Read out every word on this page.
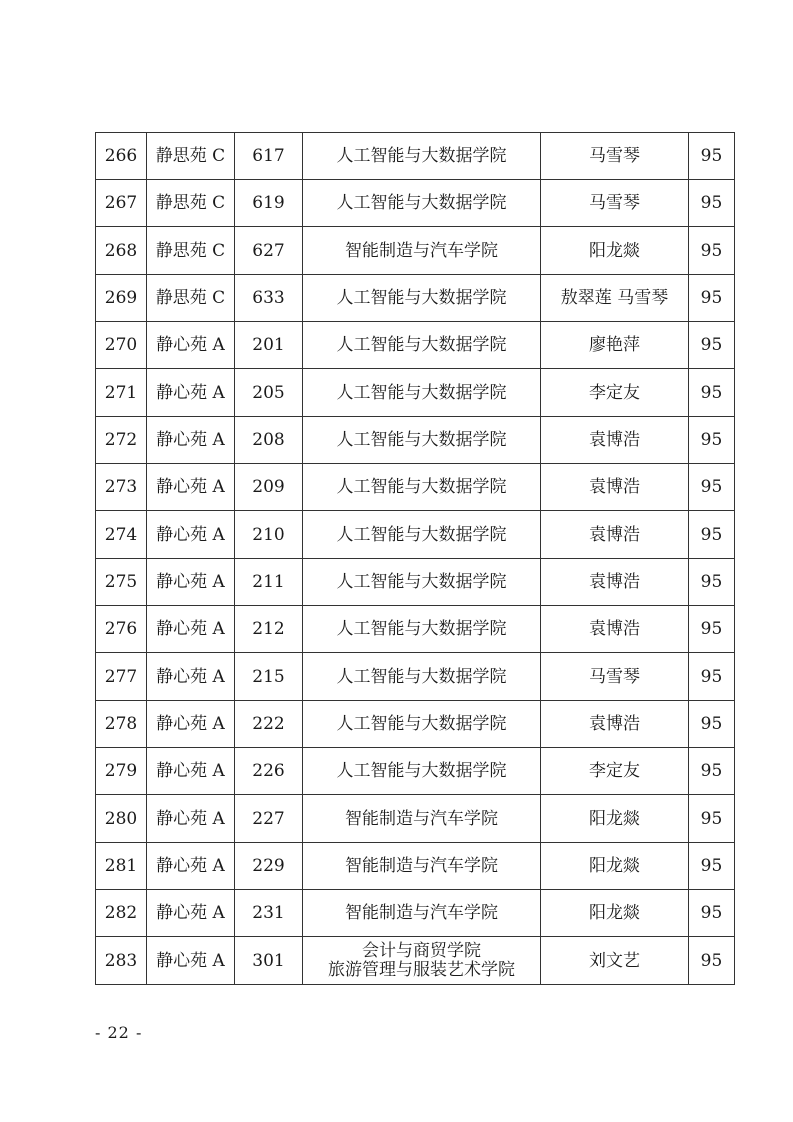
266	静思苑 C	617	人工智能与大数据学院	马雪琴	95
267	静思苑 C	619	人工智能与大数据学院	马雪琴	95
268	静思苑 C	627	智能制造与汽车学院	阳龙燚	95
269	静思苑 C	633	人工智能与大数据学院	敖翠莲 马雪琴	95
270	静心苑 A	201	人工智能与大数据学院	廖艳萍	95
271	静心苑 A	205	人工智能与大数据学院	李定友	95
272	静心苑 A	208	人工智能与大数据学院	袁博浩	95
273	静心苑 A	209	人工智能与大数据学院	袁博浩	95
274	静心苑 A	210	人工智能与大数据学院	袁博浩	95
275	静心苑 A	211	人工智能与大数据学院	袁博浩	95
276	静心苑 A	212	人工智能与大数据学院	袁博浩	95
277	静心苑 A	215	人工智能与大数据学院	马雪琴	95
278	静心苑 A	222	人工智能与大数据学院	袁博浩	95
279	静心苑 A	226	人工智能与大数据学院	李定友	95
280	静心苑 A	227	智能制造与汽车学院	阳龙燚	95
281	静心苑 A	229	智能制造与汽车学院	阳龙燚	95
282	静心苑 A	231	智能制造与汽车学院	阳龙燚	95
283	静心苑 A	301	会计与商贸学院
旅游管理与服装艺术学院	刘文艺	95
- 22 -
